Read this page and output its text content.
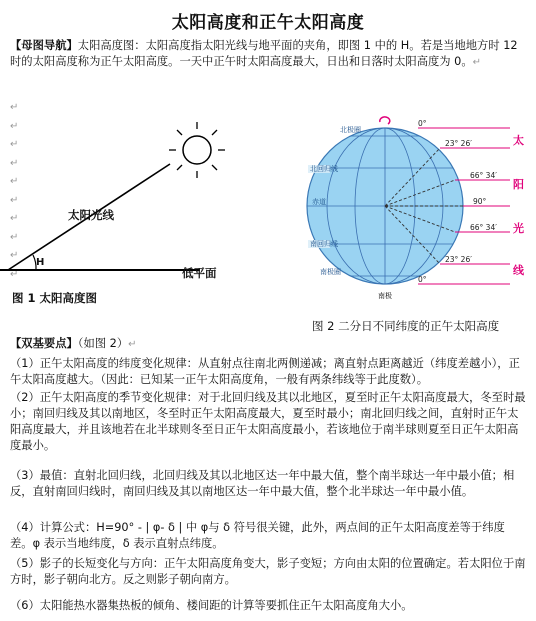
太阳高度和正午太阳高度
【母图导航】太阳高度图：太阳高度指太阳光线与地平面的夹角，即图 1 中的 H。若是当地地方时 12 时的太阳高度称为正午太阳高度。一天中正午时太阳高度最大，日出和日落时太阳高度为 0。↵
↵
↵
↵
↵
↵
↵
↵
↵
↵
↵
太阳光线
H
低平面
图 1 太阳高度图
北极圈
北回归线
赤道
南回归线
南极圈
南极
0°
23° 26′
66° 34′
90°
66° 34′
23° 26′
0°
太
阳
光
线
图 2 二分日不同纬度的正午太阳高度
【双基要点】（如图 2）↵
（1）正午太阳高度的纬度变化规律：从直射点往南北两侧递减；离直射点距离越近（纬度差越小），正午太阳高度越大。（因此：已知某一正午太阳高度角，一般有两条纬线等于此度数）。
（2）正午太阳高度的季节变化规律：对于北回归线及其以北地区，夏至时正午太阳高度最大，冬至时最小；南回归线及其以南地区，冬至时正午太阳高度最大，夏至时最小；南北回归线之间，直射时正午太阳高度最大，并且该地若在北半球则冬至日正午太阳高度最小，若该地位于南半球则夏至日正午太阳高度最小。
（3）最值：直射北回归线，北回归线及其以北地区达一年中最大值，整个南半球达一年中最小值；相反，直射南回归线时，南回归线及其以南地区达一年中最大值，整个北半球达一年中最小值。
（4）计算公式：H=90° - | φ- δ | 中 φ与 δ 符号很关键，此外，两点间的正午太阳高度差等于纬度差。φ 表示当地纬度，δ 表示直射点纬度。
（5）影子的长短变化与方向：正午太阳高度角变大，影子变短；方向由太阳的位置确定。若太阳位于南方时，影子朝向北方。反之则影子朝向南方。
（6）太阳能热水器集热板的倾角、楼间距的计算等要抓住正午太阳高度角大小。
